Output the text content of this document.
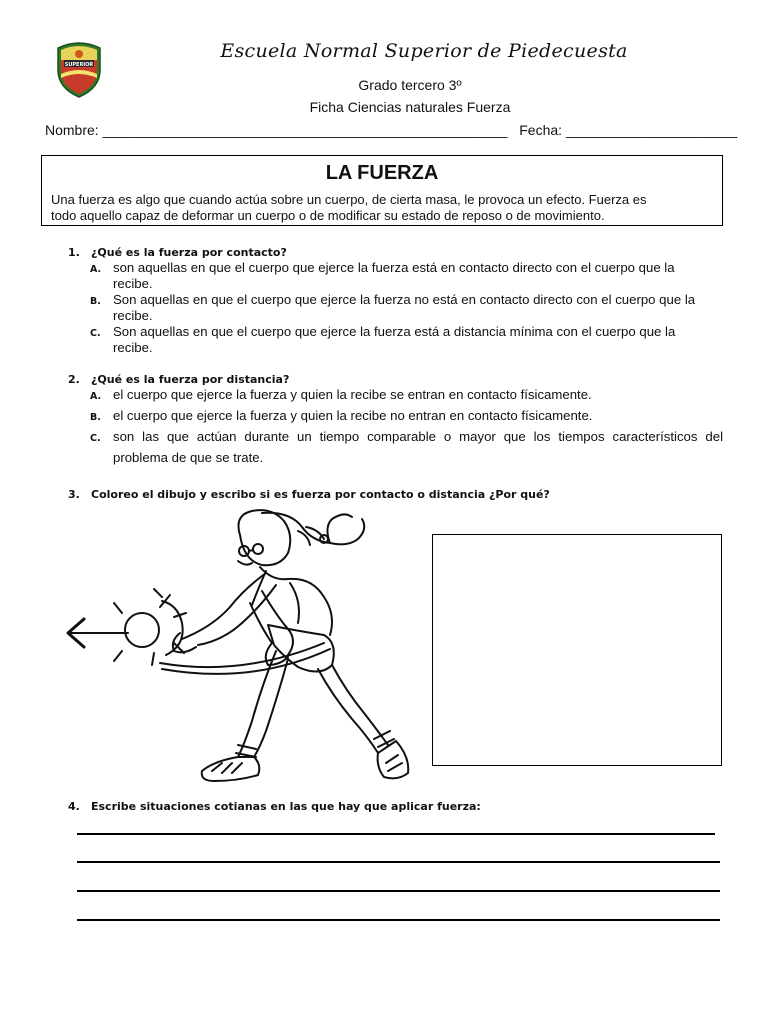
SUPERIOR
Escuela Normal Superior de Piedecuesta
Grado tercero 3º
Ficha Ciencias naturales Fuerza
Nombre: ____________________________________________________ Fecha: ______________________
LA FUERZA
Una fuerza es algo que cuando actúa sobre un cuerpo, de cierta masa, le provoca un efecto. Fuerza es
todo aquello capaz de deformar un cuerpo o de modificar su estado de reposo o de movimiento.
1. ¿Qué es la fuerza por contacto?
A. son aquellas en que el cuerpo que ejerce la fuerza está en contacto directo con el cuerpo que la
recibe.
B. Son aquellas en que el cuerpo que ejerce la fuerza no está en contacto directo con el cuerpo que la
recibe.
C. Son aquellas en que el cuerpo que ejerce la fuerza está a distancia mínima con el cuerpo que la
recibe.
2. ¿Qué es la fuerza por distancia?
A. el cuerpo que ejerce la fuerza y quien la recibe se entran en contacto físicamente.
B. el cuerpo que ejerce la fuerza y quien la recibe no entran en contacto físicamente.
C. son las que actúan durante un tiempo comparable o mayor que los tiempos característicos del
problema de que se trate.
3. Coloreo el dibujo y escribo si es fuerza por contacto o distancia ¿Por qué?
4. Escribe situaciones cotianas en las que hay que aplicar fuerza:
